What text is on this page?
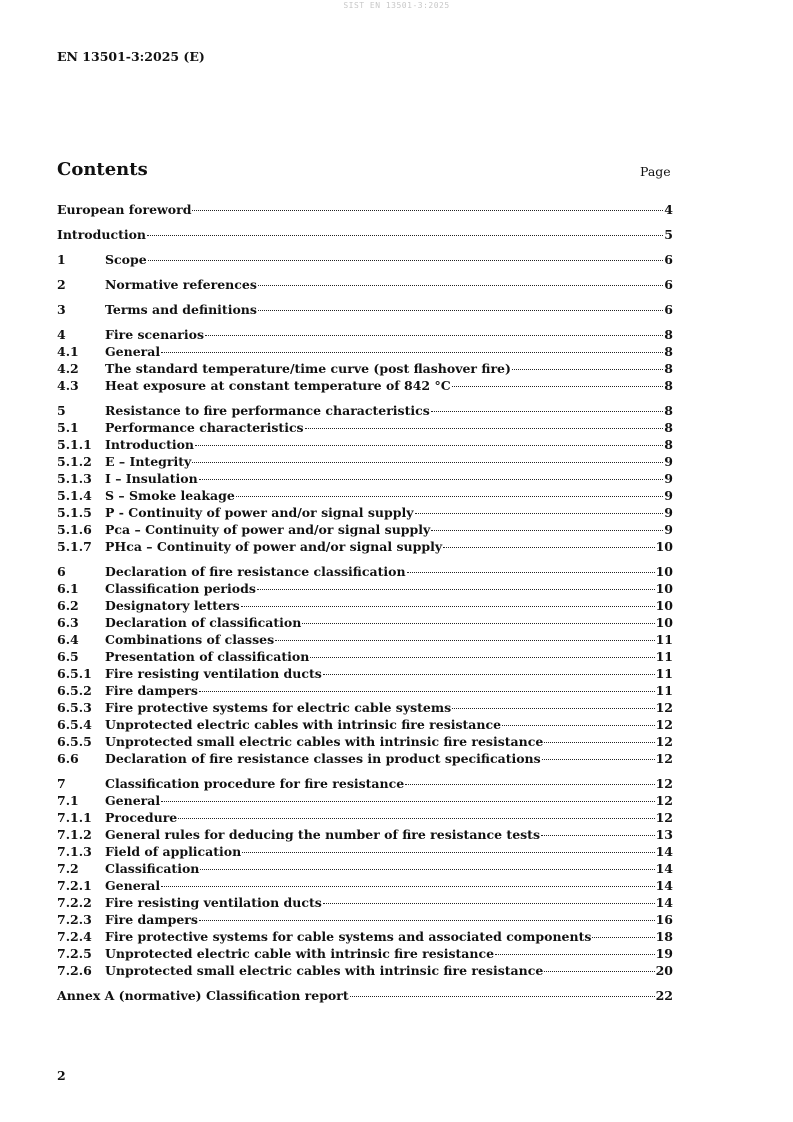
SIST EN 13501-3:2025
EN 13501-3:2025 (E)
Contents	Page
European foreword	4
Introduction	5
1	Scope	6
2	Normative references	6
3	Terms and definitions	6
4	Fire scenarios	8
4.1	General	8
4.2	The standard temperature/time curve (post flashover fire)	8
4.3	Heat exposure at constant temperature of 842 °C	8
5	Resistance to fire performance characteristics	8
5.1	Performance characteristics	8
5.1.1	Introduction	8
5.1.2	E – Integrity	9
5.1.3	I – Insulation	9
5.1.4	S – Smoke leakage	9
5.1.5	P - Continuity of power and/or signal supply	9
5.1.6	Pca – Continuity of power and/or signal supply	9
5.1.7	PHca – Continuity of power and/or signal supply	10
6	Declaration of fire resistance classification	10
6.1	Classification periods	10
6.2	Designatory letters	10
6.3	Declaration of classification	10
6.4	Combinations of classes	11
6.5	Presentation of classification	11
6.5.1	Fire resisting ventilation ducts	11
6.5.2	Fire dampers	11
6.5.3	Fire protective systems for electric cable systems	12
6.5.4	Unprotected electric cables with intrinsic fire resistance	12
6.5.5	Unprotected small electric cables with intrinsic fire resistance	12
6.6	Declaration of fire resistance classes in product specifications	12
7	Classification procedure for fire resistance	12
7.1	General	12
7.1.1	Procedure	12
7.1.2	General rules for deducing the number of fire resistance tests	13
7.1.3	Field of application	14
7.2	Classification	14
7.2.1	General	14
7.2.2	Fire resisting ventilation ducts	14
7.2.3	Fire dampers	16
7.2.4	Fire protective systems for cable systems and associated components	18
7.2.5	Unprotected electric cable with intrinsic fire resistance	19
7.2.6	Unprotected small electric cables with intrinsic fire resistance	20
Annex A (normative) Classification report	22
2
